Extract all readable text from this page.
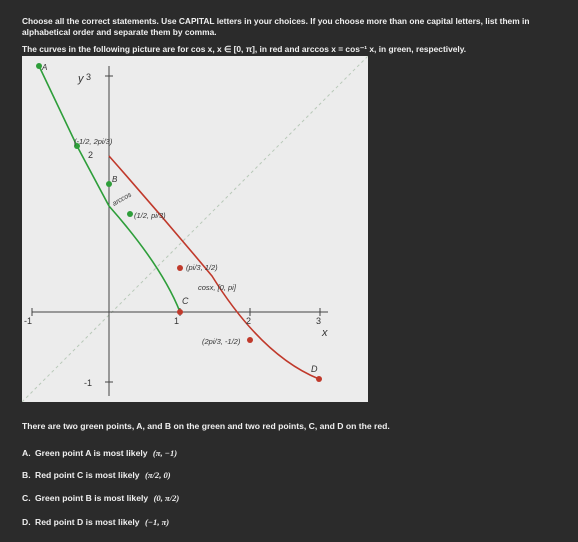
Choose all the correct statements. Use CAPITAL letters in your choices. If you choose more than one capital letters, list them in alphabetical order and separate them by comma.
The curves in the following picture are for cos x, x ∈ [0, π], in red and arccos x = cos⁻¹ x, in green, respectively.
3
2
-1
-1	1	2	3
y
x
A
B
C
D
(-1/2, 2pi/3)
(1/2, pi/3)
(pi/3, 1/2)
(2pi/3, -1/2)
arccos
cosx, [0, pi]
There are two green points, A, and B on the green and two red points, C, and D on the red.
A. Green point A is most likely (π, −1)
B. Red point C is most likely (π/2, 0)
C. Green point B is most likely (0, π/2)
D. Red point D is most likely (−1, π)
